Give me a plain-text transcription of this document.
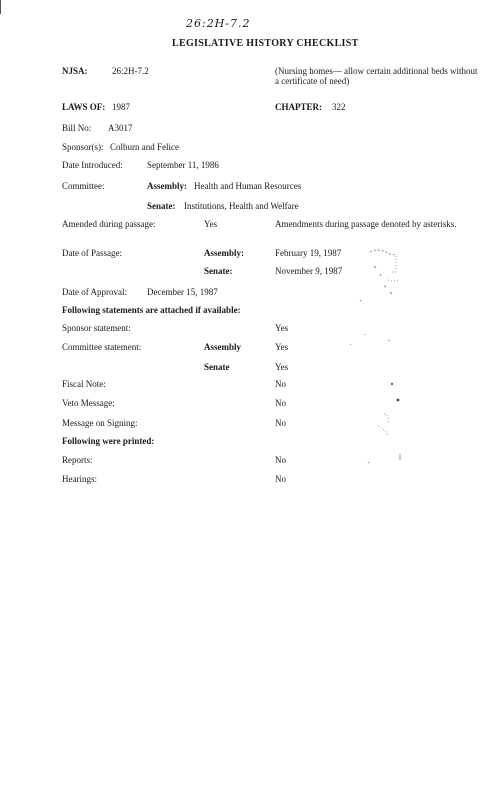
26:2H-7.2
LEGISLATIVE HISTORY CHECKLIST
NJSA:	26:2H-7.2	(Nursing homes— allow certain additional beds without a certificate of need)
LAWS OF: 1987	CHAPTER: 322
Bill No: A3017
Sponsor(s): Colburn and Felice
Date Introduced:	September 11, 1986
Committee:	Assembly: Health and Human Resources
Senate: Institutions, Health and Welfare
Amended during passage:	Yes	Amendments during passage denoted by asterisks.
Date of Passage:	Assembly:	February 19, 1987
Senate:	November 9, 1987
Date of Approval: December 15, 1987
Following statements are attached if available:
Sponsor statement:	Yes
Committee statement:	Assembly	Yes
Senate	Yes
Fiscal Note:	No
Veto Message:	No
Message on Signing:	No
Following were printed:
Reports:	No
Hearings:	No
